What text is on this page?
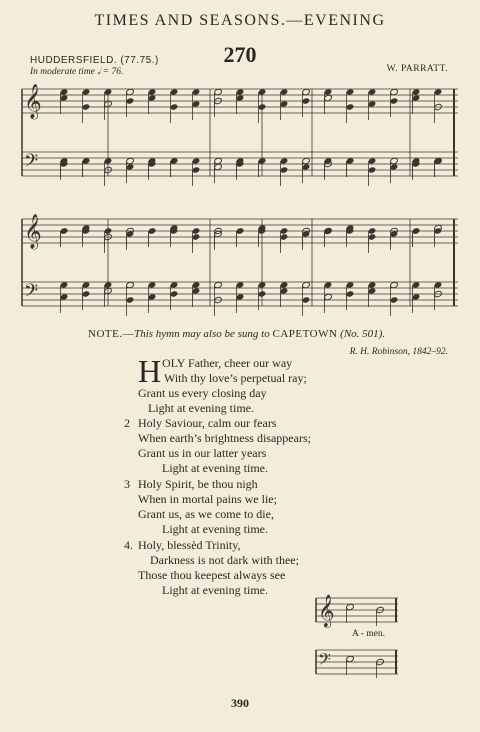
TIMES AND SEASONS.—EVENING
HUDDERSFIELD. (77.75.)
In moderate time 𝅗𝅥 = 76.
270
W. PARRATT.
𝄞
𝄢
𝄞
𝄢
𝄞
𝄢
NOTE.—This hymn may also be sung to CAPETOWN (No. 501).
R. H. Robinson, 1842–92.
H OLY Father, cheer our way
With thy love’s perpetual ray;
Grant us every closing day
Light at evening time.
2 Holy Saviour, calm our fears
When earth’s brightness disappears;
Grant us in our latter years
Light at evening time.
3 Holy Spirit, be thou nigh
When in mortal pains we lie;
Grant us, as we come to die,
Light at evening time.
4. Holy, blessèd Trinity,
Darkness is not dark with thee;
Those thou keepest always see
Light at evening time.
A - men.
390
